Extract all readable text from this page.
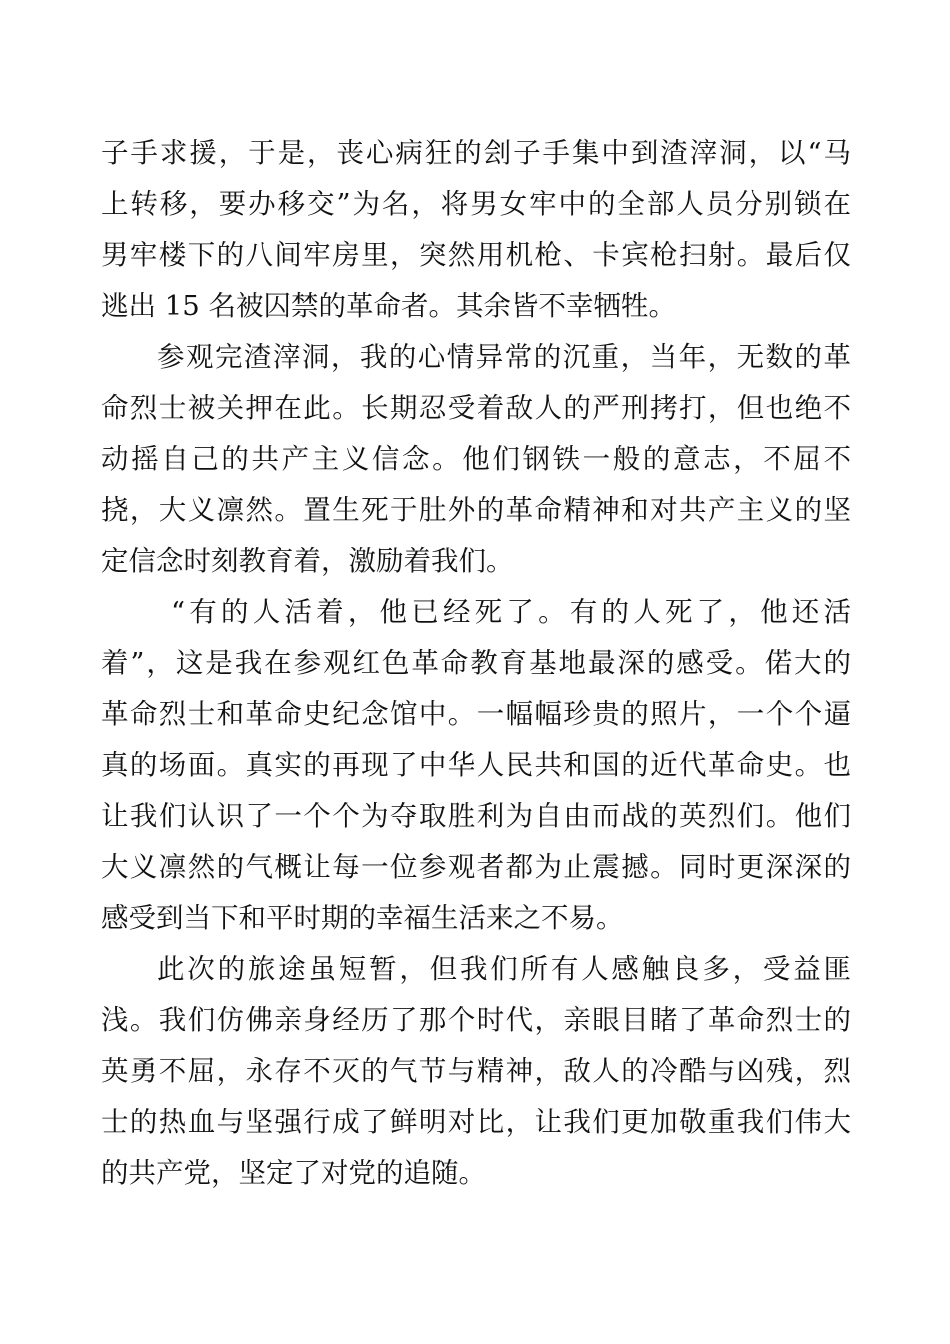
子手求援，于是，丧心病狂的刽子手集中到渣滓洞，以“马
上转移，要办移交”为名，将男女牢中的全部人员分别锁在
男牢楼下的八间牢房里，突然用机枪、卡宾枪扫射。最后仅
逃出 15 名被囚禁的革命者。其余皆不幸牺牲。
参观完渣滓洞，我的心情异常的沉重，当年，无数的革
命烈士被关押在此。长期忍受着敌人的严刑拷打，但也绝不
动摇自己的共产主义信念。他们钢铁一般的意志，不屈不
挠，大义凛然。置生死于肚外的革命精神和对共产主义的坚
定信念时刻教育着，激励着我们。
“有的人活着，他已经死了。有的人死了，他还活
着”，这是我在参观红色革命教育基地最深的感受。偌大的
革命烈士和革命史纪念馆中。一幅幅珍贵的照片，一个个逼
真的场面。真实的再现了中华人民共和国的近代革命史。也
让我们认识了一个个为夺取胜利为自由而战的英烈们。他们
大义凛然的气概让每一位参观者都为止震撼。同时更深深的
感受到当下和平时期的幸福生活来之不易。
此次的旅途虽短暂，但我们所有人感触良多，受益匪
浅。我们仿佛亲身经历了那个时代，亲眼目睹了革命烈士的
英勇不屈，永存不灭的气节与精神，敌人的冷酷与凶残，烈
士的热血与坚强行成了鲜明对比，让我们更加敬重我们伟大
的共产党，坚定了对党的追随。
